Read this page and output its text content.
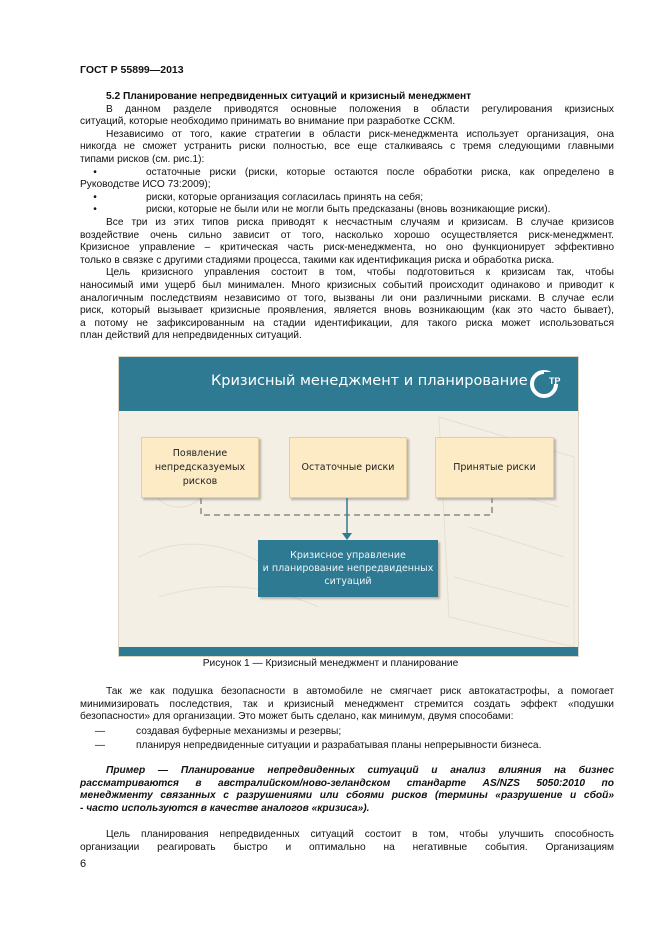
ГОСТ Р 55899—2013
5.2 Планирование непредвиденных ситуаций и кризисный менеджмент
В данном разделе приводятся основные положения в области регулирования кризисных
ситуаций, которые необходимо принимать во внимание при разработке ССКМ.
Независимо от того, какие стратегии в области риск-менеджмента использует организация, она
никогда не сможет устранить риски полностью, все еще сталкиваясь с тремя следующими главными
типами рисков (см. рис.1):
•	остаточные риски (риски, которые остаются после обработки риска, как определено в
Руководстве ИСО 73:2009);
•	риски, которые организация согласилась принять на себя;
•	риски, которые не были или не могли быть предсказаны (вновь возникающие риски).
Все три из этих типов риска приводят к несчастным случаям и кризисам. В случае кризисов
воздействие очень сильно зависит от того, насколько хорошо осуществляется риск-менеджмент.
Кризисное управление – критическая часть риск-менеджмента, но оно функционирует эффективно
только в связке с другими стадиями процесса, такими как идентификация риска и обработка риска.
Цель кризисного управления состоит в том, чтобы подготовиться к кризисам так, чтобы
наносимый ими ущерб был минимален. Много кризисных событий происходит одинаково и приводит к
аналогичным последствиям независимо от того, вызваны ли они различными рисками. В случае если
риск, который вызывает кризисные проявления, является вновь возникающим (как это часто бывает),
а потому не зафиксированным на стадии идентификации, для такого риска может использоваться
план действий для непредвиденных ситуаций.
Кризисный менеджмент и планирование ТР
Появление
непредсказуемых
рисков
Остаточные риски	Принятые риски
Кризисное управление
и планирование непредвиденных
ситуаций
Рисунок 1 — Кризисный менеджмент и планирование
Так же как подушка безопасности в автомобиле не смягчает риск автокатастрофы, а помогает
минимизировать последствия, так и кризисный менеджмент стремится создать эффект «подушки
безопасности» для организации. Это может быть сделано, как минимум, двумя способами:
—	создавая буферные механизмы и резервы;
—	планируя непредвиденные ситуации и разрабатывая планы непрерывности бизнеса.
Пример — Планирование непредвиденных ситуаций и анализ влияния на бизнес
рассматриваются в австралийском/ново-зеландском стандарте AS/NZS 5050:2010 по
менеджменту связанных с разрушениями или сбоями рисков (термины «разрушение и сбой»
- часто используются в качестве аналогов «кризиса»).
Цель планирования непредвиденных ситуаций состоит в том, чтобы улучшить способность
организации реагировать быстро и оптимально на негативные события. Организациям
6
